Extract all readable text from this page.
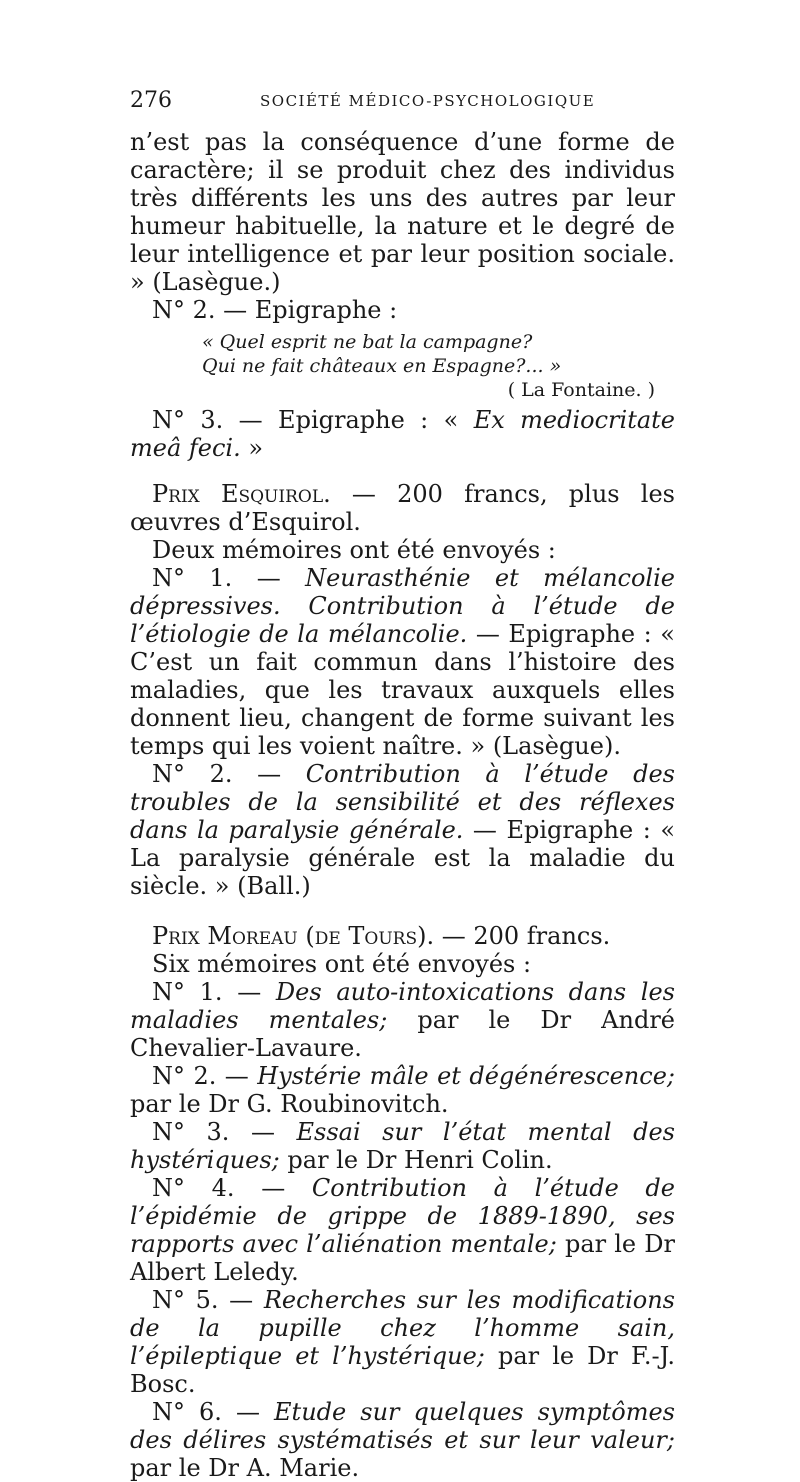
276	SOCIÉTÉ MÉDICO-PSYCHOLOGIQUE

n’est pas la conséquence d’une forme de caractère; il se produit chez des individus très différents les uns des autres par leur humeur habituelle, la nature et le degré de leur intelligence et par leur position sociale. » (Lasègue.)

N° 2. — Epigraphe :

« Quel esprit ne bat la campagne?
Qui ne fait châteaux en Espagne?... »
( La Fontaine. )

N° 3. — Epigraphe : « Ex mediocritate meâ feci. »

Prix Esquirol. — 200 francs, plus les œuvres d’Esquirol.

Deux mémoires ont été envoyés :

N° 1. — Neurasthénie et mélancolie dépressives. Contribution à l’étude de l’étiologie de la mélancolie. — Epigraphe : « C’est un fait commun dans l’histoire des maladies, que les travaux auxquels elles donnent lieu, changent de forme suivant les temps qui les voient naître. » (Lasègue).

N° 2. — Contribution à l’étude des troubles de la sensibilité et des réflexes dans la paralysie générale. — Epigraphe : « La paralysie générale est la maladie du siècle. » (Ball.)

Prix Moreau (de Tours). — 200 francs.

Six mémoires ont été envoyés :

N° 1. — Des auto-intoxications dans les maladies mentales; par le Dr André Chevalier-Lavaure.

N° 2. — Hystérie mâle et dégénérescence; par le Dr G. Roubinovitch.

N° 3. — Essai sur l’état mental des hystériques; par le Dr Henri Colin.

N° 4. — Contribution à l’étude de l’épidémie de grippe de 1889-1890, ses rapports avec l’aliénation mentale; par le Dr Albert Leledy.

N° 5. — Recherches sur les modifications de la pupille chez l’homme sain, l’épileptique et l’hystérique; par le Dr F.-J. Bosc.

N° 6. — Etude sur quelques symptômes des délires systématisés et sur leur valeur; par le Dr A. Marie.
